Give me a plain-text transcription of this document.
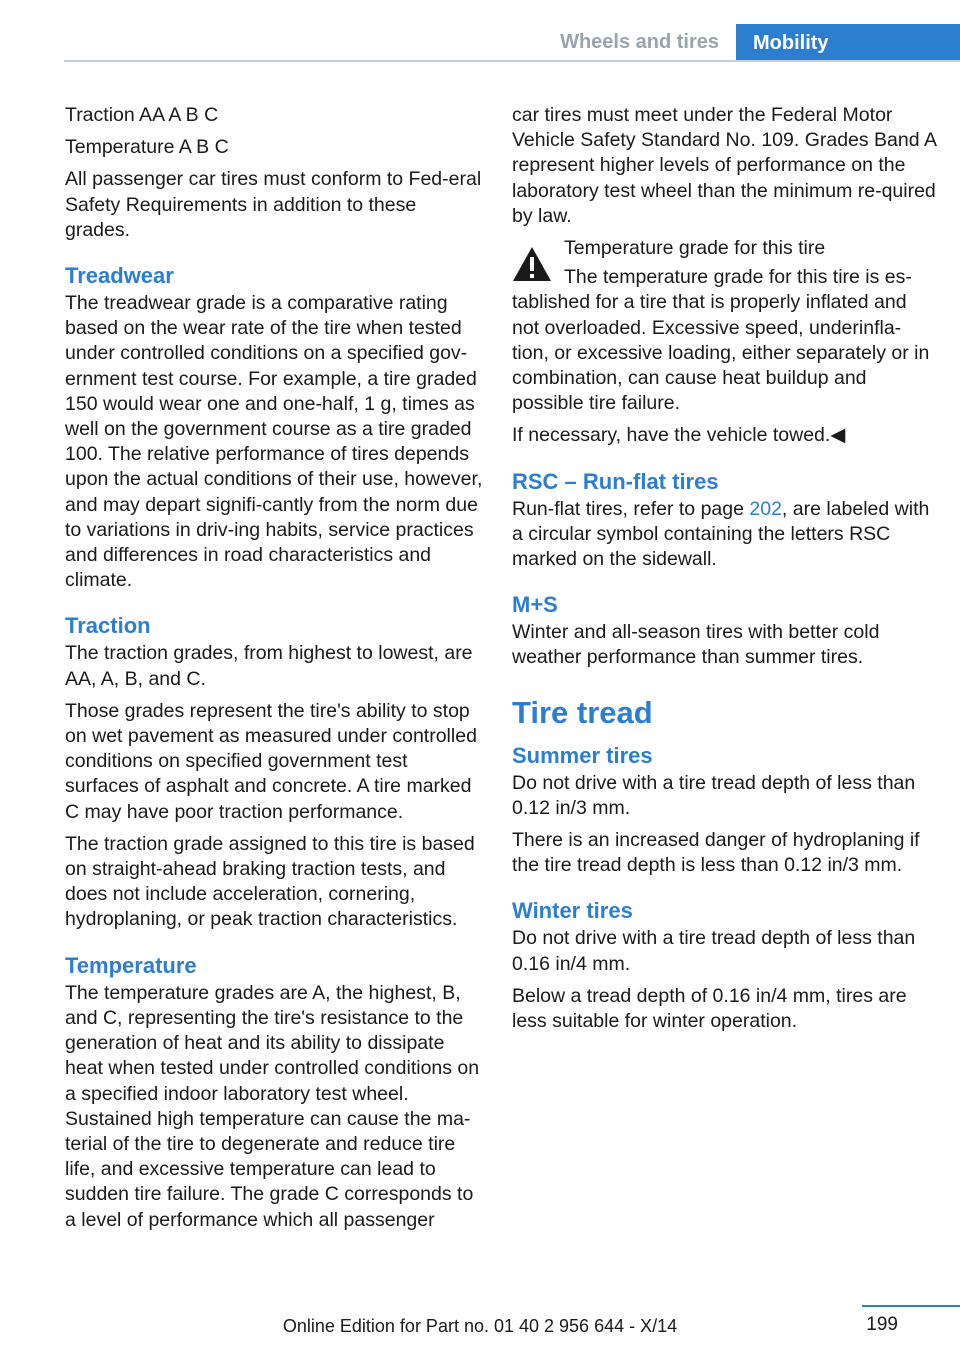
Wheels and tires	Mobility

Traction AA A B C

Temperature A B C

All passenger car tires must conform to Fed‐eral Safety Requirements in addition to these grades.

Treadwear

The treadwear grade is a comparative rating based on the wear rate of the tire when tested under controlled conditions on a specified gov‐ernment test course. For example, a tire graded 150 would wear one and one-half, 1 g, times as well on the government course as a tire graded 100. The relative performance of tires depends upon the actual conditions of their use, however, and may depart signifi‐cantly from the norm due to variations in driv‐ing habits, service practices and differences in road characteristics and climate.

Traction

The traction grades, from highest to lowest, are AA, A, B, and C.

Those grades represent the tire's ability to stop on wet pavement as measured under controlled conditions on specified government test surfaces of asphalt and concrete. A tire marked C may have poor traction performance.

The traction grade assigned to this tire is based on straight-ahead braking traction tests, and does not include acceleration, cornering, hydroplaning, or peak traction characteristics.

Temperature

The temperature grades are A, the highest, B, and C, representing the tire's resistance to the generation of heat and its ability to dissipate heat when tested under controlled conditions on a specified indoor laboratory test wheel. Sustained high temperature can cause the ma‐terial of the tire to degenerate and reduce tire life, and excessive temperature can lead to sudden tire failure. The grade C corresponds to a level of performance which all passenger

car tires must meet under the Federal Motor Vehicle Safety Standard No. 109. Grades Band A represent higher levels of performance on the laboratory test wheel than the minimum re‐quired by law.

Temperature grade for this tire

The temperature grade for this tire is es‐

tablished for a tire that is properly inflated and not overloaded. Excessive speed, underinfla‐tion, or excessive loading, either separately or in combination, can cause heat buildup and possible tire failure.

If necessary, have the vehicle towed.◀

RSC – Run-flat tires

Run-flat tires, refer to page 202, are labeled with a circular symbol containing the letters RSC marked on the sidewall.

M+S

Winter and all-season tires with better cold weather performance than summer tires.

Tire tread
Summer tires

Do not drive with a tire tread depth of less than 0.12 in/3 mm.

There is an increased danger of hydroplaning if the tire tread depth is less than 0.12 in/3 mm.

Winter tires

Do not drive with a tire tread depth of less than 0.16 in/4 mm.

Below a tread depth of 0.16 in/4 mm, tires are less suitable for winter operation.

199
Online Edition for Part no. 01 40 2 956 644 - X/14
